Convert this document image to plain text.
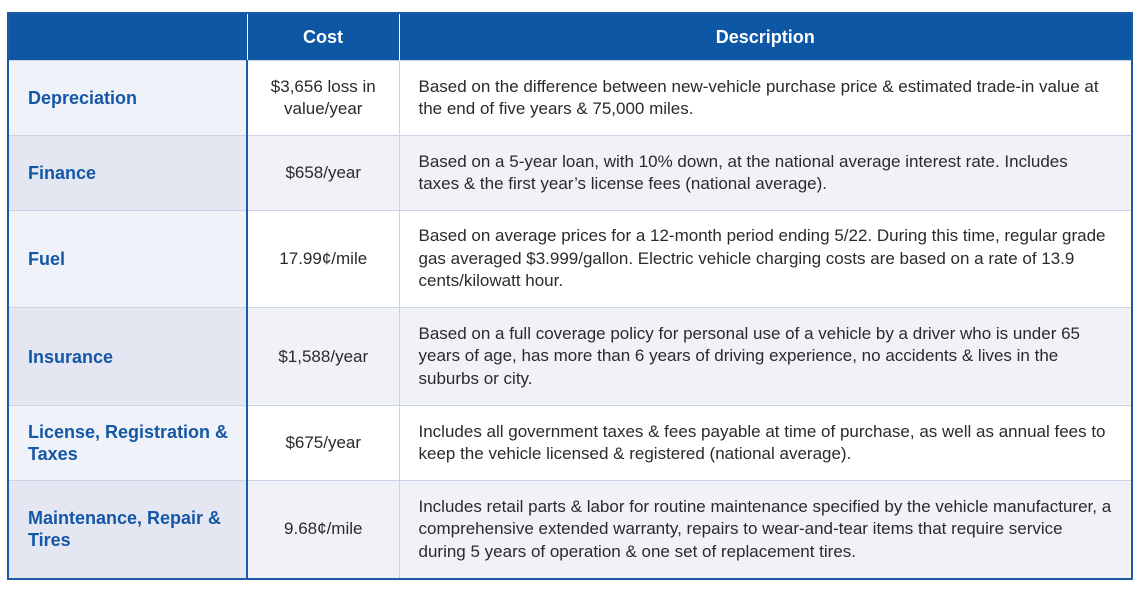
	Cost	Description
Depreciation	$3,656 loss in value/year	Based on the difference between new-vehicle purchase price & estimated trade-in value at the end of five years & 75,000 miles.
Finance	$658/year	Based on a 5-year loan, with 10% down, at the national average interest rate. Includes taxes & the first year’s license fees (national average).
Fuel	17.99¢/mile	Based on average prices for a 12-month period ending 5/22. During this time, regular grade gas averaged $3.999/gallon. Electric vehicle charging costs are based on a rate of 13.9 cents/kilowatt hour.
Insurance	$1,588/year	Based on a full coverage policy for personal use of a vehicle by a driver who is under 65 years of age, has more than 6 years of driving experience, no accidents & lives in the suburbs or city.
License, Registration & Taxes	$675/year	Includes all government taxes & fees payable at time of purchase, as well as annual fees to keep the vehicle licensed & registered (national average).
Maintenance, Repair & Tires	9.68¢/mile	Includes retail parts & labor for routine maintenance specified by the vehicle manufacturer, a comprehensive extended warranty, repairs to wear-and-tear items that require service during 5 years of operation & one set of replacement tires.
